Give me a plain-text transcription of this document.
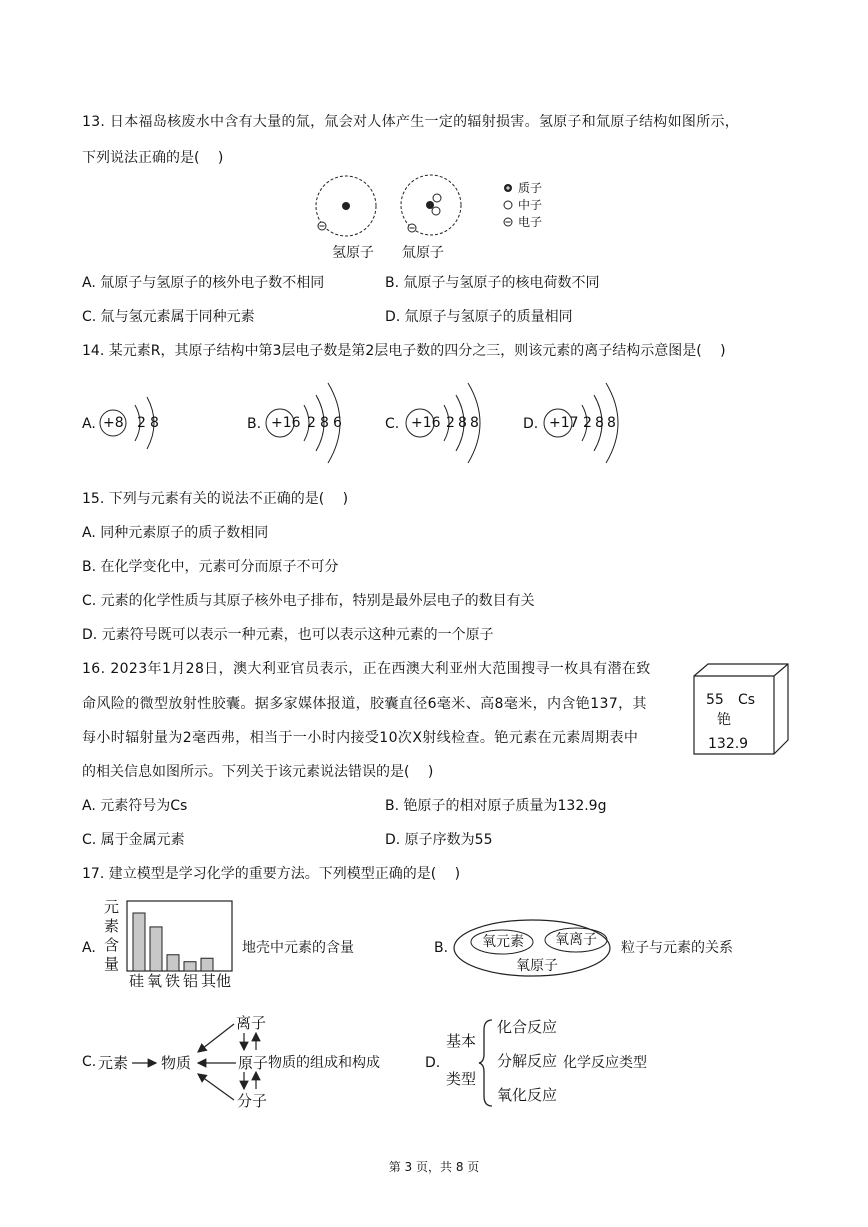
13. 日本福岛核废水中含有大量的氚，氚会对人体产生一定的辐射损害。氢原子和氚原子结构如图所示，
下列说法正确的是(　 )
质子
中子
电子
氢原子 氚原子
A. 氚原子与氢原子的核外电子数不相同	B. 氚原子与氢原子的核电荷数不同
C. 氚与氢元素属于同种元素	D. 氚原子与氢原子的质量相同
14. 某元素R，其原子结构中第3层电子数是第2层电子数的四分之三，则该元素的离子结构示意图是(　 )
A. +8 2 8	B. +16 2 8 6	C. +16 2 8 8	D. +17 2 8 8
15. 下列与元素有关的说法不正确的是(　 )
A. 同种元素原子的质子数相同
B. 在化学变化中，元素可分而原子不可分
C. 元素的化学性质与其原子核外电子排布，特别是最外层电子的数目有关
D. 元素符号既可以表示一种元素，也可以表示这种元素的一个原子
16. 2023年1月28日，澳大利亚官员表示，正在西澳大利亚州大范围搜寻一枚具有潜在致
命风险的微型放射性胶囊。据多家媒体报道，胶囊直径6毫米、高8毫米，内含铯137，其
每小时辐射量为2毫西弗，相当于一小时内接受10次X射线检查。铯元素在元素周期表中
的相关信息如图所示。下列关于该元素说法错误的是(　 )
55 Cs
铯
132.9
A. 元素符号为Cs	B. 铯原子的相对原子质量为132.9g
C. 属于金属元素	D. 原子序数为55
17. 建立模型是学习化学的重要方法。下列模型正确的是(　 )
A.
元素含量
硅 氧 铁 铝 其他
地壳中元素的含量	B. 氧元素 氧离子
氧原子
粒子与元素的关系
C. 元素 物质
离子
原子
分子
物质的组成和构成	D.
基本
类型
化合反应
分解反应 化学反应类型
氧化反应
第 3 页，共 8 页
